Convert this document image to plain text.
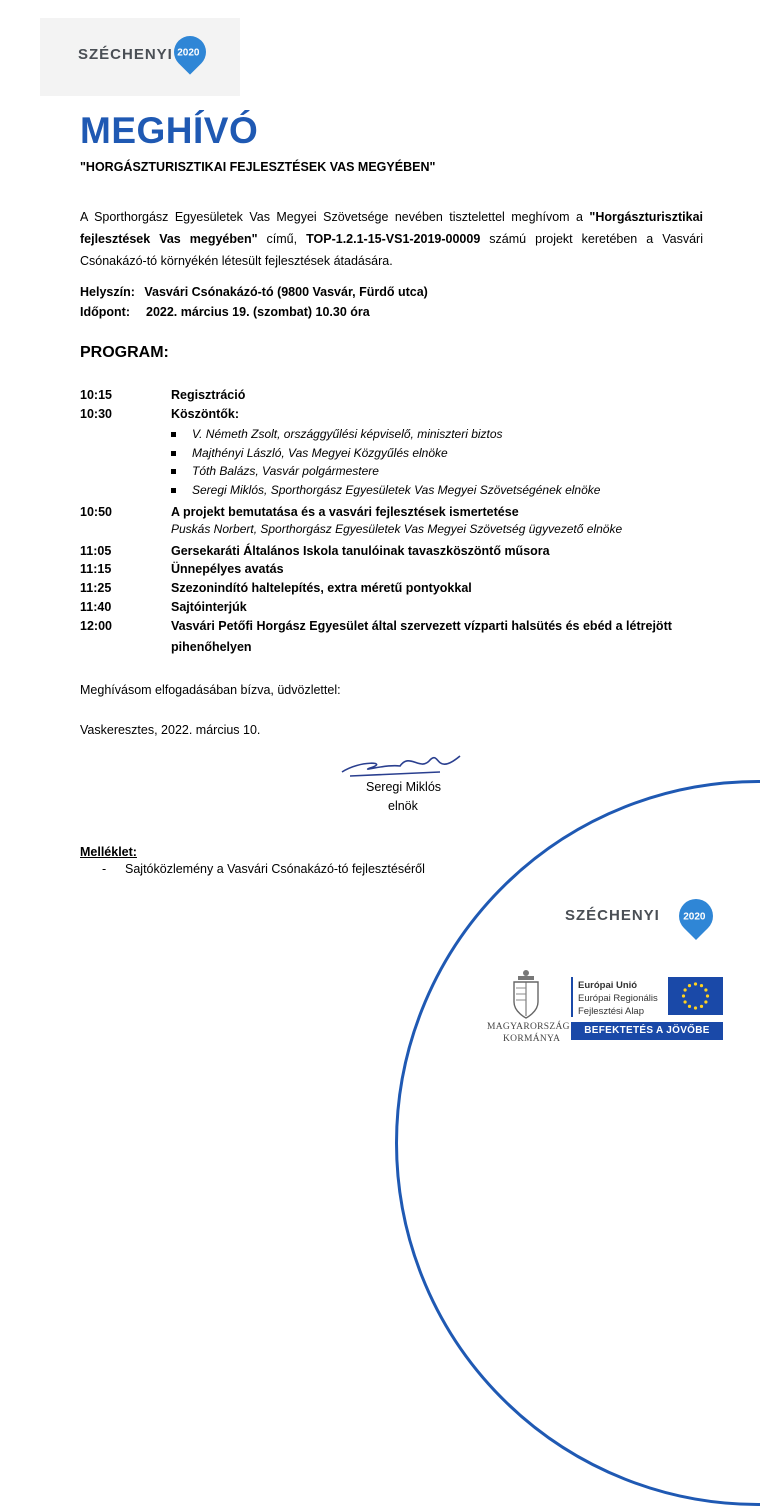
SZÉCHENYI 2020
MEGHÍVÓ
"HORGÁSZTURISZTIKAI FEJLESZTÉSEK VAS MEGYÉBEN"
A Sporthorgász Egyesületek Vas Megyei Szövetsége nevében tisztelettel meghívom a "Horgászturisztikai fejlesztések Vas megyében" című, TOP-1.2.1-15-VS1-2019-00009 számú projekt keretében a Vasvári Csónakázó-tó környékén létesült fejlesztések átadására.
Helyszín: Vasvári Csónakázó-tó (9800 Vasvár, Fürdő utca)
Időpont: 2022. március 19. (szombat) 10.30 óra
PROGRAM:
10:15	Regisztráció
10:30	Köszöntők:
V. Németh Zsolt, országgyűlési képviselő, miniszteri biztos
Majthényi László, Vas Megyei Közgyűlés elnöke
Tóth Balázs, Vasvár polgármestere
Seregi Miklós, Sporthorgász Egyesületek Vas Megyei Szövetségének elnöke
10:50	A projekt bemutatása és a vasvári fejlesztések ismertetése
Puskás Norbert, Sporthorgász Egyesületek Vas Megyei Szövetség ügyvezető elnöke
11:05	Gersekaráti Általános Iskola tanulóinak tavaszköszöntő műsora
11:15	Ünnepélyes avatás
11:25	Szezonindító haltelepítés, extra méretű pontyokkal
11:40	Sajtóinterjúk
12:00	Vasvári Petőfi Horgász Egyesület által szervezett vízparti halsütés és ebéd a létrejött pihenőhelyen
Meghívásom elfogadásában bízva, üdvözlettel:
Vaskeresztes, 2022. március 10.
Seregi Miklós
elnök
Melléklet:
- Sajtóközlemény a Vasvári Csónakázó-tó fejlesztéséről
SZÉCHENYI 2020
MAGYARORSZÁG
KORMÁNYA
Európai Unió
Európai Regionális
Fejlesztési Alap
BEFEKTETÉS A JÖVŐBE
